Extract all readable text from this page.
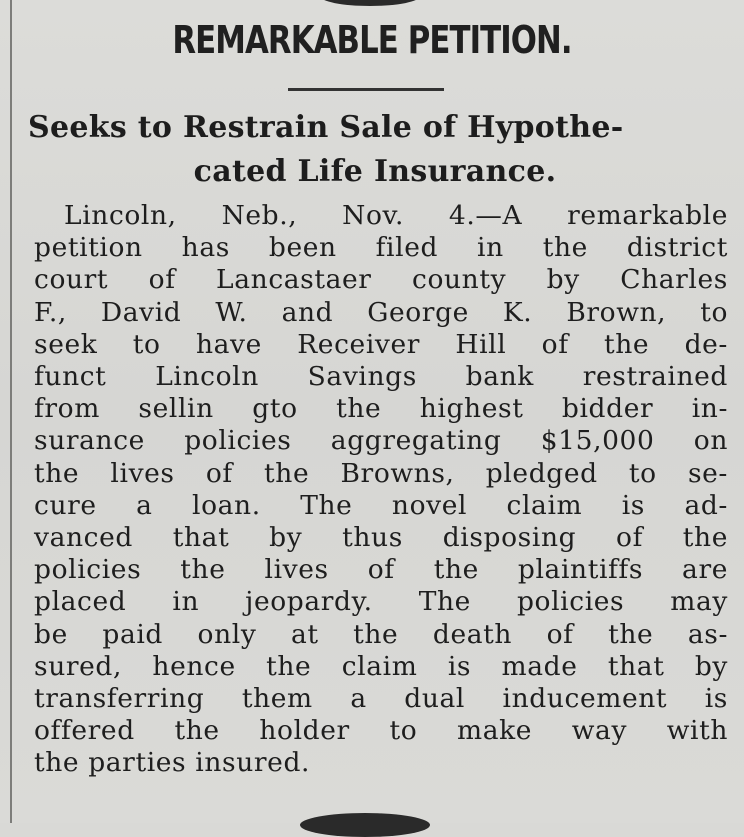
REMARKABLE PETITION.
Seeks to Restrain Sale of Hypothe-
cated Life Insurance.
Lincoln, Neb., Nov. 4.—A remarkable
petition has been filed in the district
court of Lancastaer county by Charles
F., David W. and George K. Brown, to
seek to have Receiver Hill of the de-
funct Lincoln Savings bank restrained
from sellin gto the highest bidder in-
surance policies aggregating $15,000 on
the lives of the Browns, pledged to se-
cure a loan. The novel claim is ad-
vanced that by thus disposing of the
policies the lives of the plaintiffs are
placed in jeopardy. The policies may
be paid only at the death of the as-
sured, hence the claim is made that by
transferring them a dual inducement is
offered the holder to make way with
the parties insured.
